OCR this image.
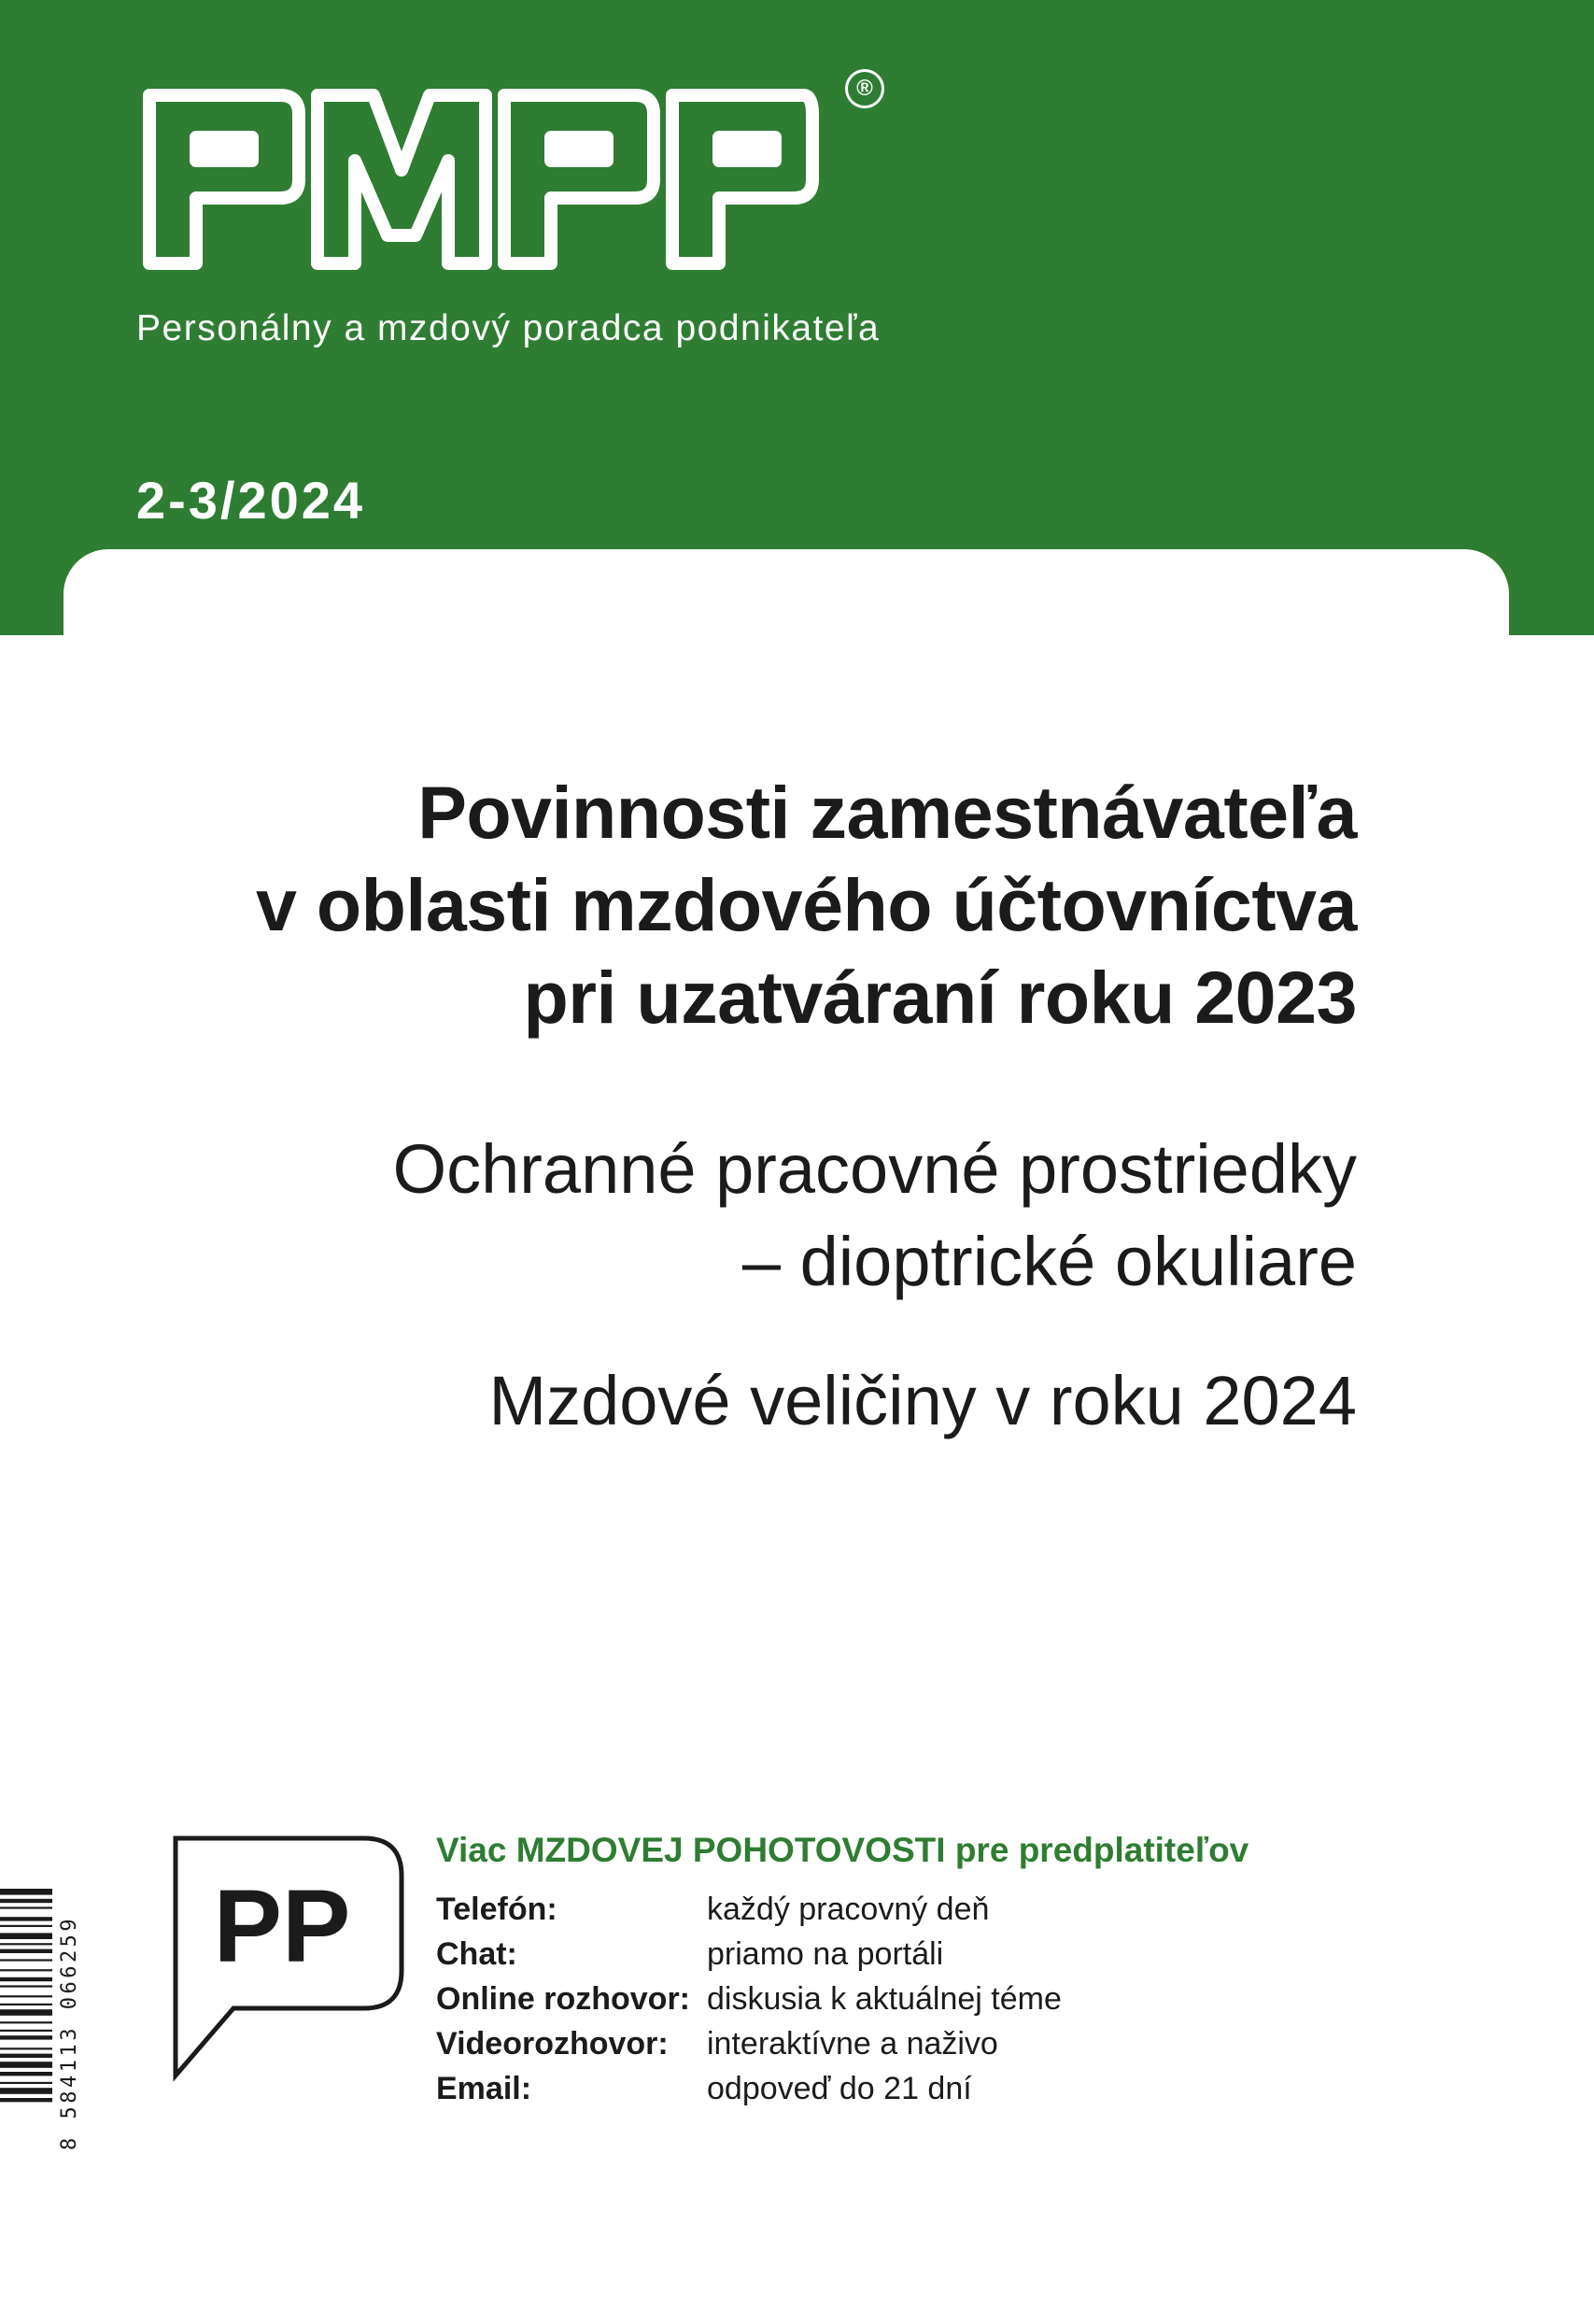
®
Personálny a mzdový poradca podnikateľa
2-3/2024
Povinnosti zamestnávateľa
v oblasti mzdového účtovníctva
pri uzatváraní roku 2023
Ochranné pracovné prostriedky
– dioptrické okuliare
Mzdové veličiny v roku 2024
PP
Viac MZDOVEJ POHOTOVOSTI pre predplatiteľov
Telefón:	každý pracovný deň
Chat:	priamo na portáli
Online rozhovor:	diskusia k aktuálnej téme
Videorozhovor:	interaktívne a naživo
Email:	odpoveď do 21 dní
8 584113 066259
